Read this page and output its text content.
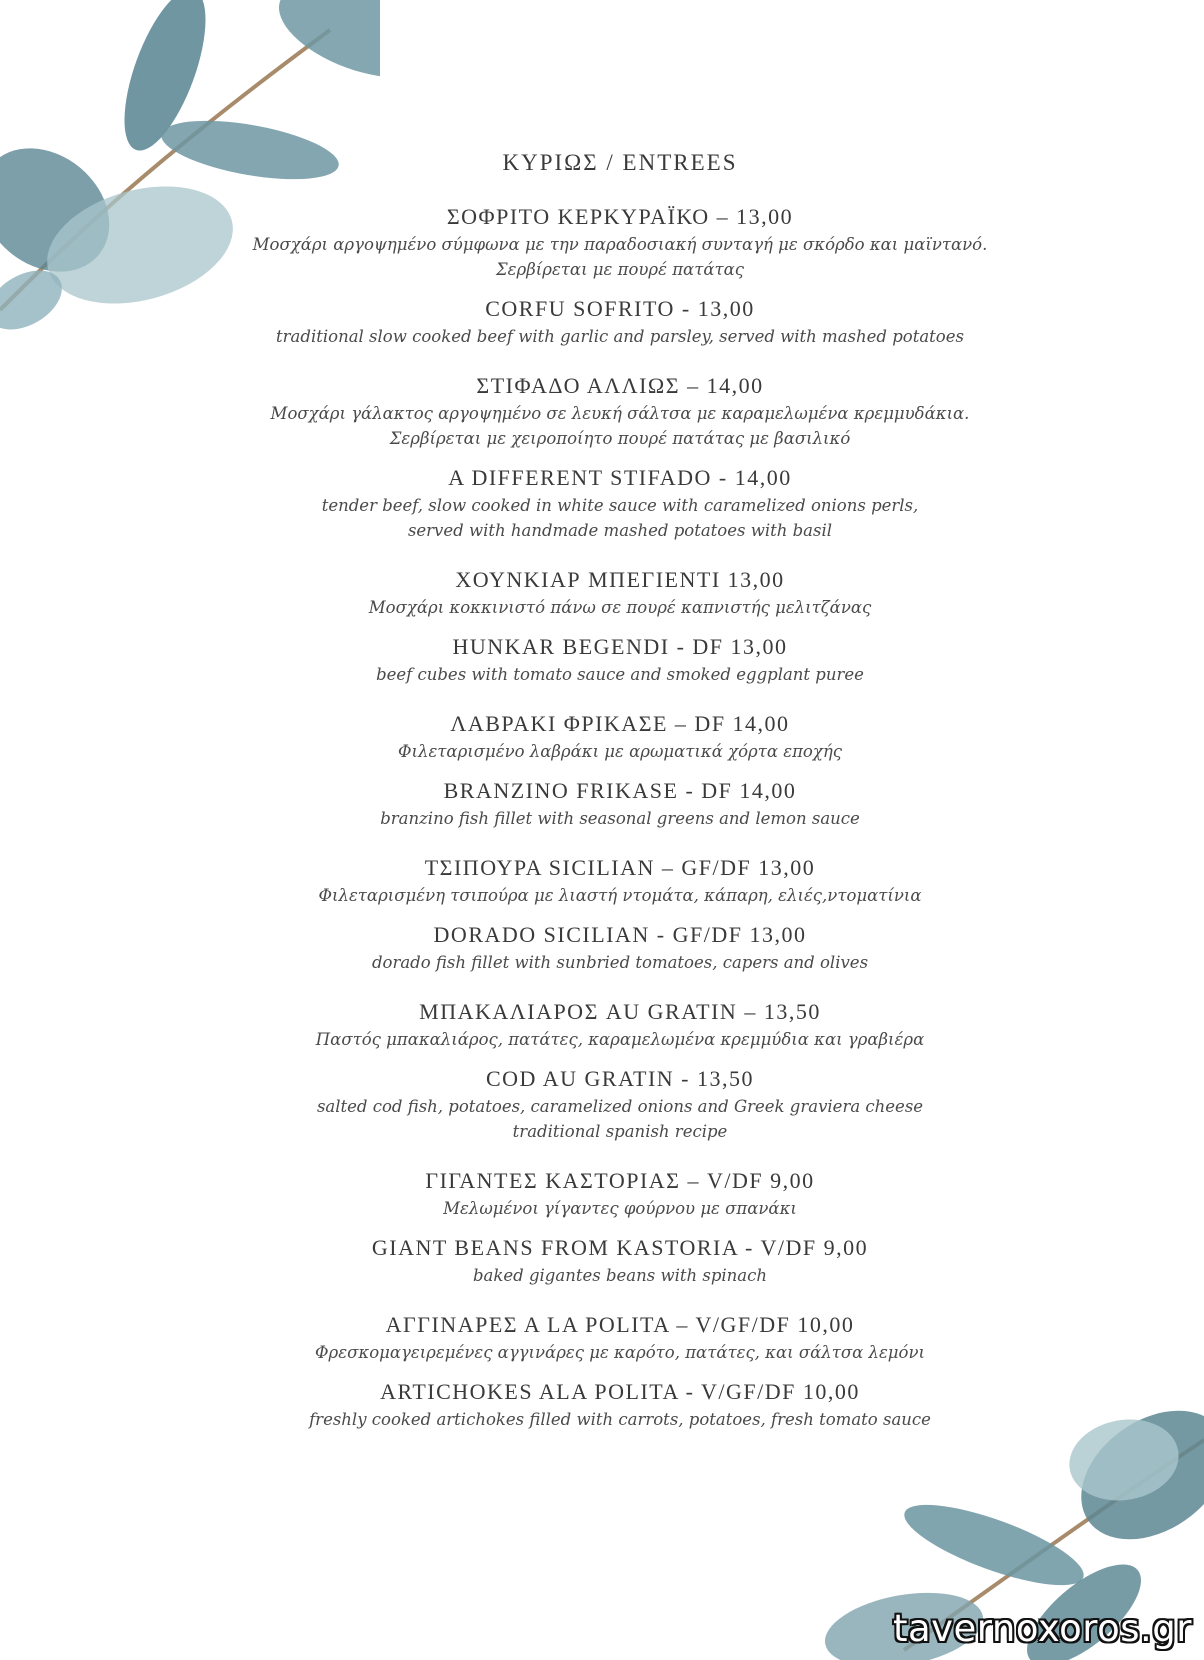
ΚΥΡΙΩΣ / ENTREES
ΣΟΦΡΙΤΟ ΚΕΡΚΥΡΑΪΚΟ – 13,00
Μοσχάρι αργοψημένο σύμφωνα με την παραδοσιακή συνταγή με σκόρδο και μαϊντανό.
Σερβίρεται με πουρέ πατάτας
CORFU SOFRITO - 13,00
traditional slow cooked beef with garlic and parsley, served with mashed potatoes
ΣΤΙΦΑΔΟ ΑΛΛΙΩΣ – 14,00
Μοσχάρι γάλακτος αργοψημένο σε λευκή σάλτσα με καραμελωμένα κρεμμυδάκια.
Σερβίρεται με χειροποίητο πουρέ πατάτας με βασιλικό
A DIFFERENT STIFADO - 14,00
tender beef, slow cooked in white sauce with caramelized onions perls,
served with handmade mashed potatoes with basil
ΧΟΥΝΚΙΑΡ ΜΠΕΓΙΕΝΤΙ 13,00
Μοσχάρι κοκκινιστό πάνω σε πουρέ καπνιστής μελιτζάνας
HUNKAR BEGENDI - DF 13,00
beef cubes with tomato sauce and smoked eggplant puree
ΛΑΒΡΑΚΙ ΦΡΙΚΑΣΕ – DF 14,00
Φιλεταρισμένο λαβράκι με αρωματικά χόρτα εποχής
BRANZINO FRIKASE - DF 14,00
branzino fish fillet with seasonal greens and lemon sauce
ΤΣΙΠΟΥΡΑ SICILIAN – GF/DF 13,00
Φιλεταρισμένη τσιπούρα με λιαστή ντομάτα, κάπαρη, ελιές,ντοματίνια
DORADO SICILIAN - GF/DF 13,00
dorado fish fillet with sunbried tomatoes, capers and olives
ΜΠΑΚΑΛΙΑΡΟΣ AU GRATIN – 13,50
Παστός μπακαλιάρος, πατάτες, καραμελωμένα κρεμμύδια και γραβιέρα
COD AU GRATIN - 13,50
salted cod fish, potatoes, caramelized onions and Greek graviera cheese
traditional spanish recipe
ΓΙΓΑΝΤΕΣ ΚΑΣΤΟΡΙΑΣ – V/DF 9,00
Μελωμένοι γίγαντες φούρνου με σπανάκι
GIANT BEANS FROM KASTORIA - V/DF 9,00
baked gigantes beans with spinach
ΑΓΓΙΝΑΡΕΣ Α LA POLITA – V/GF/DF 10,00
Φρεσκομαγειρεμένες αγγινάρες με καρότο, πατάτες, και σάλτσα λεμόνι
ARTICHOKES ALA POLITA - V/GF/DF 10,00
freshly cooked artichokes filled with carrots, potatoes, fresh tomato sauce
tavernoxoros.gr
